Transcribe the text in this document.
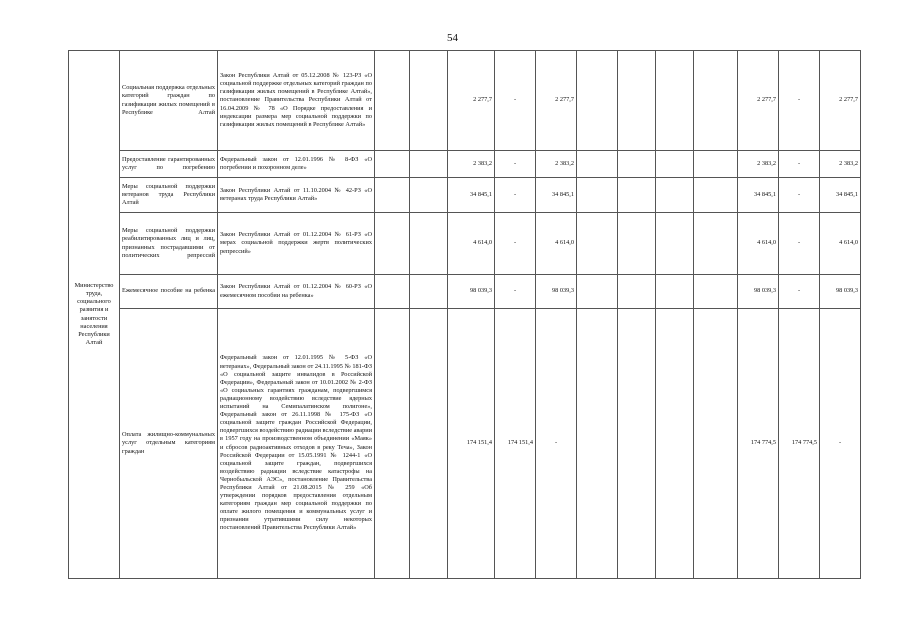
54
Министерство труда, социального развития и занятости населения Республики Алтай	Социальная поддержка отдельных категорий граждан по газификации жилых помещений в Республике Алтай	Закон Республики Алтай от 05.12.2008 № 123-РЗ «О социальной поддержке отдельных категорий граждан по газификации жилых помещений в Республике Алтай», постановление Правительства Республики Алтай от 16.04.2009 № 78 «О Порядке предоставления и индексации размера мер социальной поддержки по газификации жилых помещений в Республике Алтай»			2 277,7	-	2 277,7					2 277,7	-	2 277,7
	Предоставление гарантированных услуг по погребению	Федеральный закон от 12.01.1996 № 8-ФЗ «О погребении и похоронном деле»			2 383,2	-	2 383,2					2 383,2	-	2 383,2
	Меры социальной поддержки ветеранов труда Республики Алтай	Закон Республики Алтай от 11.10.2004 № 42-РЗ «О ветеранах труда Республики Алтай»			34 845,1	-	34 845,1					34 845,1	-	34 845,1
	Меры социальной поддержки реабилитированных лиц и лиц, признанных пострадавшими от политических репрессий	Закон Республики Алтай от 01.12.2004 № 61-РЗ «О мерах социальной поддержки жертв политических репрессий»			4 614,0	-	4 614,0					4 614,0	-	4 614,0
	Ежемесячное пособие на ребенка	Закон Республики Алтай от 01.12.2004 № 60-РЗ «О ежемесячном пособии на ребенка»			98 039,3	-	98 039,3					98 039,3	-	98 039,3
	Оплата жилищно-коммунальных услуг отдельным категориям граждан	Федеральный закон от 12.01.1995 № 5-ФЗ «О ветеранах», Федеральный закон от 24.11.1995 № 181-ФЗ «О социальной защите инвалидов в Российской Федерации», Федеральный закон от 10.01.2002 № 2-ФЗ «О социальных гарантиях гражданам, подвергшимся радиационному воздействию вследствие ядерных испытаний на Семипалатинском полигоне», Федеральный закон от 26.11.1998 № 175-ФЗ «О социальной защите граждан Российской Федерации, подвергшихся воздействию радиации вследствие аварии в 1957 году на производственном объединении «Маяк» и сбросов радиоактивных отходов в реку Теча», Закон Российской Федерации от 15.05.1991 № 1244-1 «О социальной защите граждан, подвергшихся воздействию радиации вследствие катастрофы на Чернобыльской АЭС», постановление Правительства Республики Алтай от 21.08.2015 № 259 «Об утверждении порядков предоставления отдельным категориям граждан мер социальной поддержки по оплате жилого помещения и коммунальных услуг и признании утратившими силу некоторых постановлений Правительства Республики Алтай»			174 151,4	174 151,4	-					174 774,5	174 774,5	-
